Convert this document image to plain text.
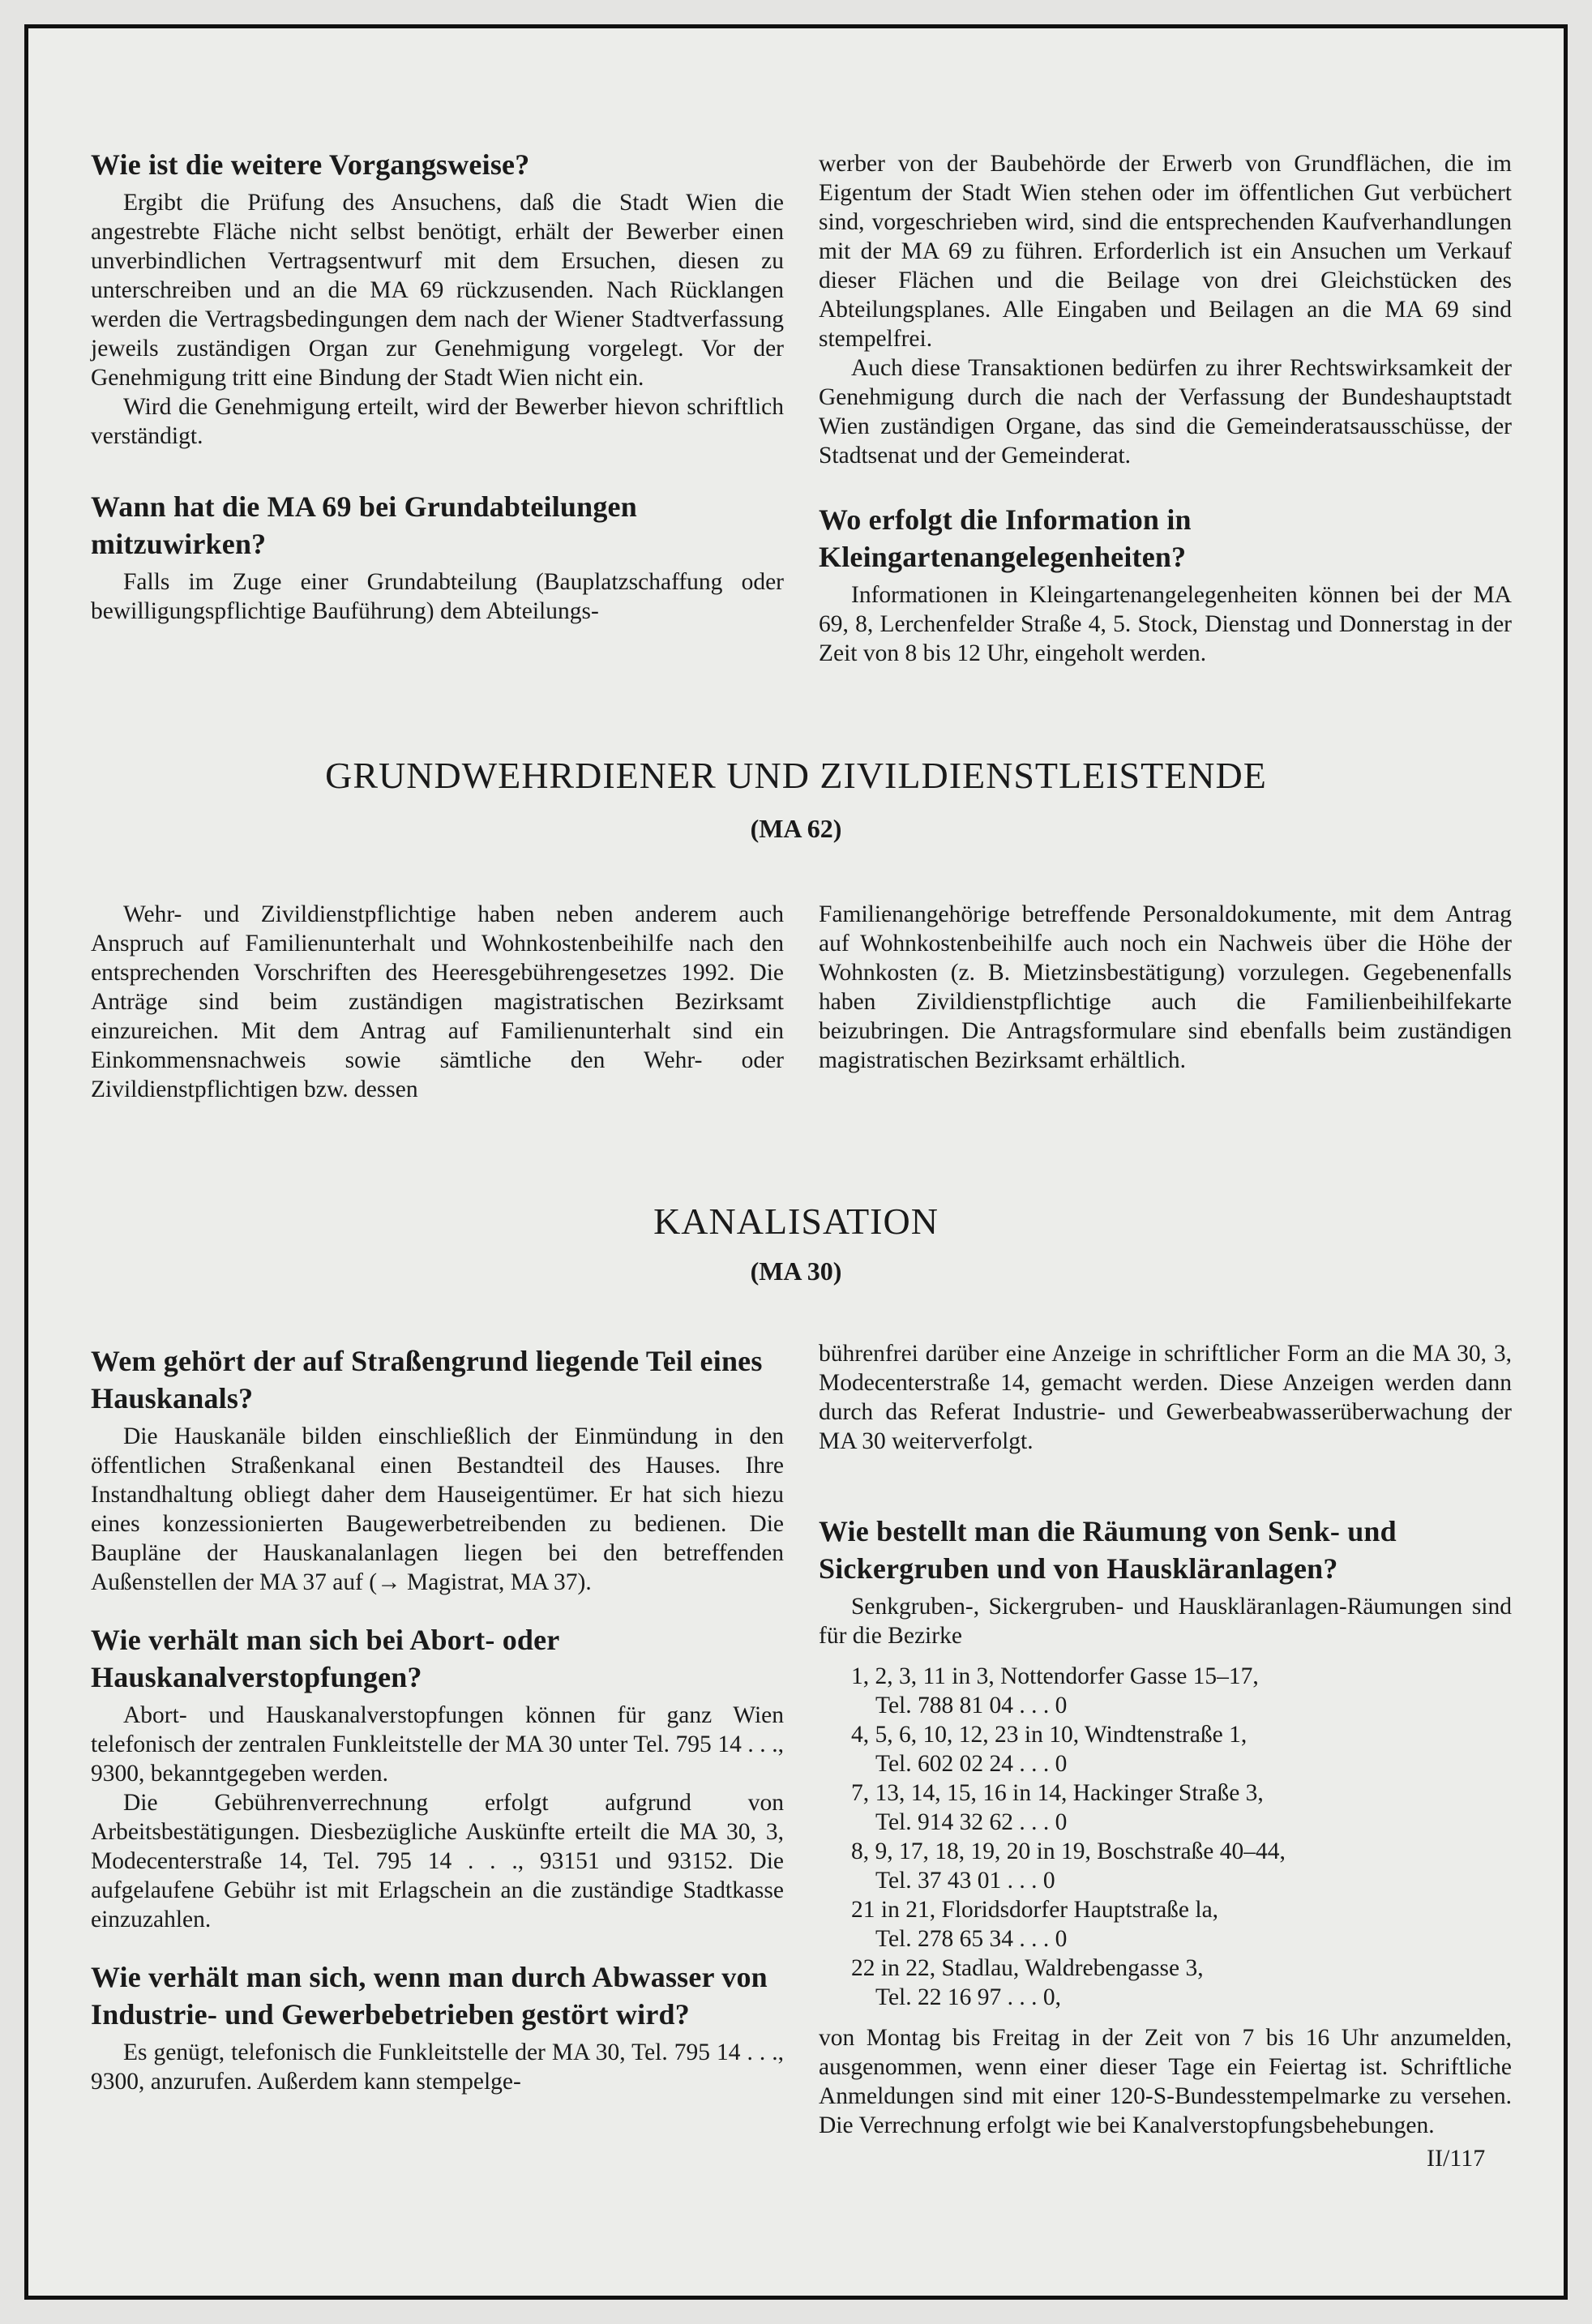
Wie ist die weitere Vorgangsweise?

Ergibt die Prüfung des Ansuchens, daß die Stadt Wien die angestrebte Fläche nicht selbst benötigt, erhält der Bewerber einen unverbindlichen Vertragsentwurf mit dem Ersuchen, diesen zu unterschreiben und an die MA 69 rückzusenden. Nach Rücklangen werden die Vertragsbedingungen dem nach der Wiener Stadtverfassung jeweils zuständigen Organ zur Genehmigung vorgelegt. Vor der Genehmigung tritt eine Bindung der Stadt Wien nicht ein.

Wird die Genehmigung erteilt, wird der Bewerber hievon schriftlich verständigt.

Wann hat die MA 69 bei Grundabteilungen mitzuwirken?

Falls im Zuge einer Grundabteilung (Bauplatzschaffung oder bewilligungspflichtige Bauführung) dem Abteilungs-

werber von der Baubehörde der Erwerb von Grundflächen, die im Eigentum der Stadt Wien stehen oder im öffentlichen Gut verbüchert sind, vorgeschrieben wird, sind die entsprechenden Kaufverhandlungen mit der MA 69 zu führen. Erforderlich ist ein Ansuchen um Verkauf dieser Flächen und die Beilage von drei Gleichstücken des Abteilungsplanes. Alle Eingaben und Beilagen an die MA 69 sind stempelfrei.

Auch diese Transaktionen bedürfen zu ihrer Rechtswirksamkeit der Genehmigung durch die nach der Verfassung der Bundeshauptstadt Wien zuständigen Organe, das sind die Gemeinderatsausschüsse, der Stadtsenat und der Gemeinderat.

Wo erfolgt die Information in Kleingartenangelegenheiten?

Informationen in Kleingartenangelegenheiten können bei der MA 69, 8, Lerchenfelder Straße 4, 5. Stock, Dienstag und Donnerstag in der Zeit von 8 bis 12 Uhr, eingeholt werden.

GRUNDWEHRDIENER UND ZIVILDIENSTLEISTENDE
(MA 62)

Wehr- und Zivildienstpflichtige haben neben anderem auch Anspruch auf Familienunterhalt und Wohnkostenbeihilfe nach den entsprechenden Vorschriften des Heeresgebührengesetzes 1992. Die Anträge sind beim zuständigen magistratischen Bezirksamt einzureichen. Mit dem Antrag auf Familienunterhalt sind ein Einkommensnachweis sowie sämtliche den Wehr- oder Zivildienstpflichtigen bzw. dessen

Familienangehörige betreffende Personaldokumente, mit dem Antrag auf Wohnkostenbeihilfe auch noch ein Nachweis über die Höhe der Wohnkosten (z. B. Mietzinsbestätigung) vorzulegen. Gegebenenfalls haben Zivildienstpflichtige auch die Familienbeihilfekarte beizubringen. Die Antragsformulare sind ebenfalls beim zuständigen magistratischen Bezirksamt erhältlich.

KANALISATION
(MA 30)
Wem gehört der auf Straßengrund liegende Teil eines Hauskanals?

Die Hauskanäle bilden einschließlich der Einmündung in den öffentlichen Straßenkanal einen Bestandteil des Hauses. Ihre Instandhaltung obliegt daher dem Hauseigentümer. Er hat sich hiezu eines konzessionierten Baugewerbetreibenden zu bedienen. Die Baupläne der Hauskanalanlagen liegen bei den betreffenden Außenstellen der MA 37 auf (→ Magistrat, MA 37).

Wie verhält man sich bei Abort- oder Hauskanalverstopfungen?

Abort- und Hauskanalverstopfungen können für ganz Wien telefonisch der zentralen Funkleitstelle der MA 30 unter Tel. 795 14 . . ., 9300, bekanntgegeben werden.

Die Gebührenverrechnung erfolgt aufgrund von Arbeitsbestätigungen. Diesbezügliche Auskünfte erteilt die MA 30, 3, Modecenterstraße 14, Tel. 795 14 . . ., 93151 und 93152. Die aufgelaufene Gebühr ist mit Erlagschein an die zuständige Stadtkasse einzuzahlen.

Wie verhält man sich, wenn man durch Abwasser von Industrie- und Gewerbebetrieben gestört wird?

Es genügt, telefonisch die Funkleitstelle der MA 30, Tel. 795 14 . . ., 9300, anzurufen. Außerdem kann stempelge-

bührenfrei darüber eine Anzeige in schriftlicher Form an die MA 30, 3, Modecenterstraße 14, gemacht werden. Diese Anzeigen werden dann durch das Referat Industrie- und Gewerbeabwasserüberwachung der MA 30 weiterverfolgt.

Wie bestellt man die Räumung von Senk- und Sickergruben und von Hauskläranlagen?

Senkgruben-, Sickergruben- und Hauskläranlagen-Räumungen sind für die Bezirke

1, 2, 3, 11 in 3, Nottendorfer Gasse 15–17,

Tel. 788 81 04 . . . 0

4, 5, 6, 10, 12, 23 in 10, Windtenstraße 1,

Tel. 602 02 24 . . . 0

7, 13, 14, 15, 16 in 14, Hackinger Straße 3,

Tel. 914 32 62 . . . 0

8, 9, 17, 18, 19, 20 in 19, Boschstraße 40–44,

Tel. 37 43 01 . . . 0

21 in 21, Floridsdorfer Hauptstraße la,

Tel. 278 65 34 . . . 0

22 in 22, Stadlau, Waldrebengasse 3,

Tel. 22 16 97 . . . 0,

von Montag bis Freitag in der Zeit von 7 bis 16 Uhr anzumelden, ausgenommen, wenn einer dieser Tage ein Feiertag ist. Schriftliche Anmeldungen sind mit einer 120-S-Bundesstempelmarke zu versehen. Die Verrechnung erfolgt wie bei Kanalverstopfungsbehebungen.

II/117
